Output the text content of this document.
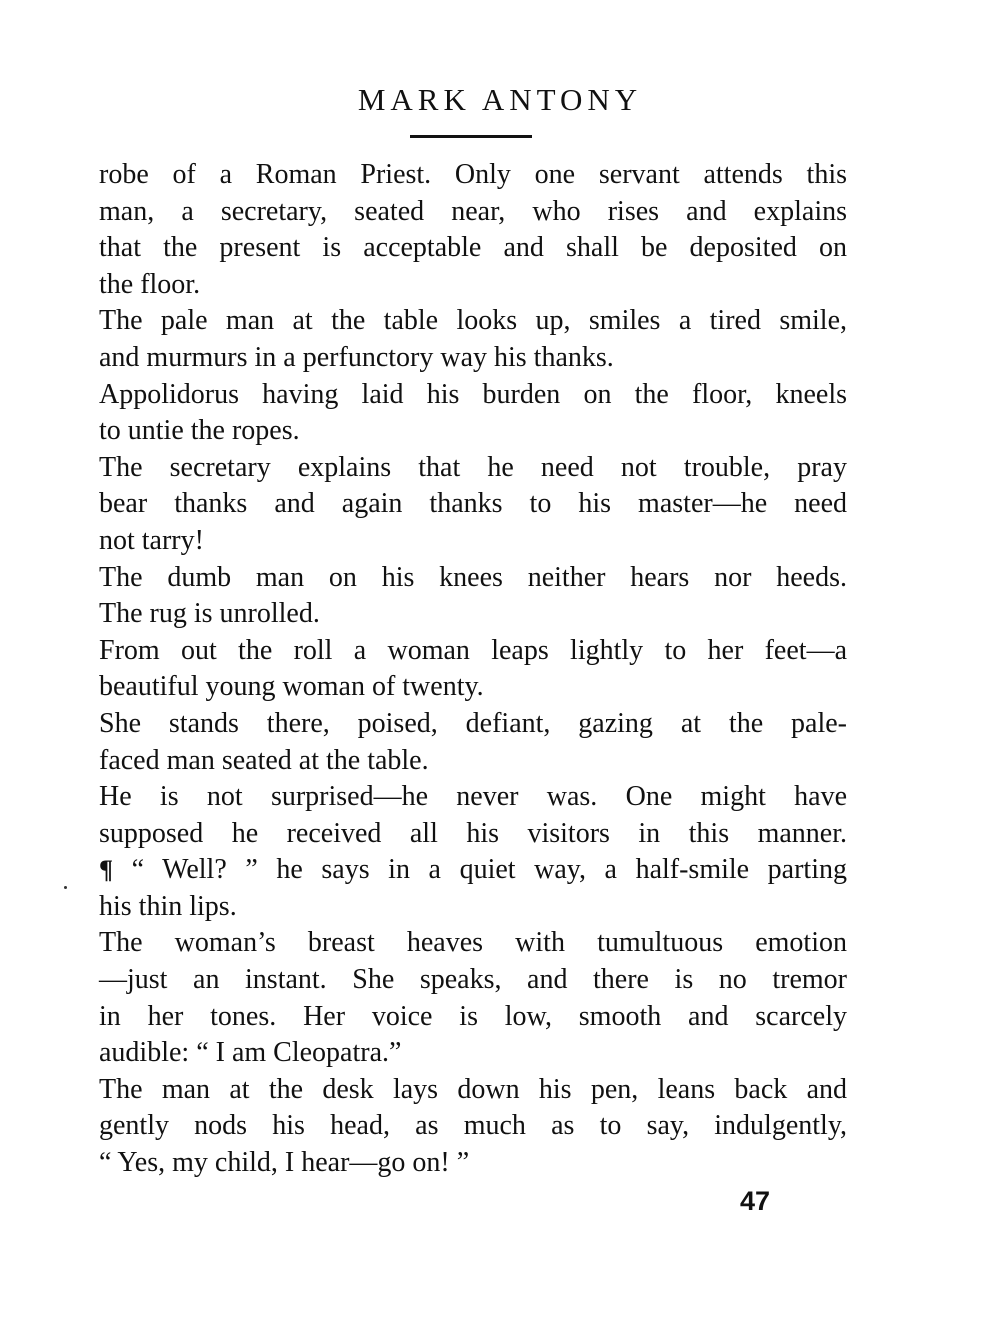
MARK ANTONY
robe of a Roman Priest. Only one servant attends this
man, a secretary, seated near, who rises and explains
that the present is acceptable and shall be deposited on
the floor.
The pale man at the table looks up, smiles a tired smile,
and murmurs in a perfunctory way his thanks.
Appolidorus having laid his burden on the floor, kneels
to untie the ropes.
The secretary explains that he need not trouble, pray
bear thanks and again thanks to his master—he need
not tarry!
The dumb man on his knees neither hears nor heeds.
The rug is unrolled.
From out the roll a woman leaps lightly to her feet—a
beautiful young woman of twenty.
She stands there, poised, defiant, gazing at the pale-
faced man seated at the table.
He is not surprised—he never was. One might have
supposed he received all his visitors in this manner.
¶ “ Well? ” he says in a quiet way, a half-smile parting
his thin lips.
The woman’s breast heaves with tumultuous emotion
—just an instant. She speaks, and there is no tremor
in her tones. Her voice is low, smooth and scarcely
audible: “ I am Cleopatra.”
The man at the desk lays down his pen, leans back and
gently nods his head, as much as to say, indulgently,
“ Yes, my child, I hear—go on! ”
47
